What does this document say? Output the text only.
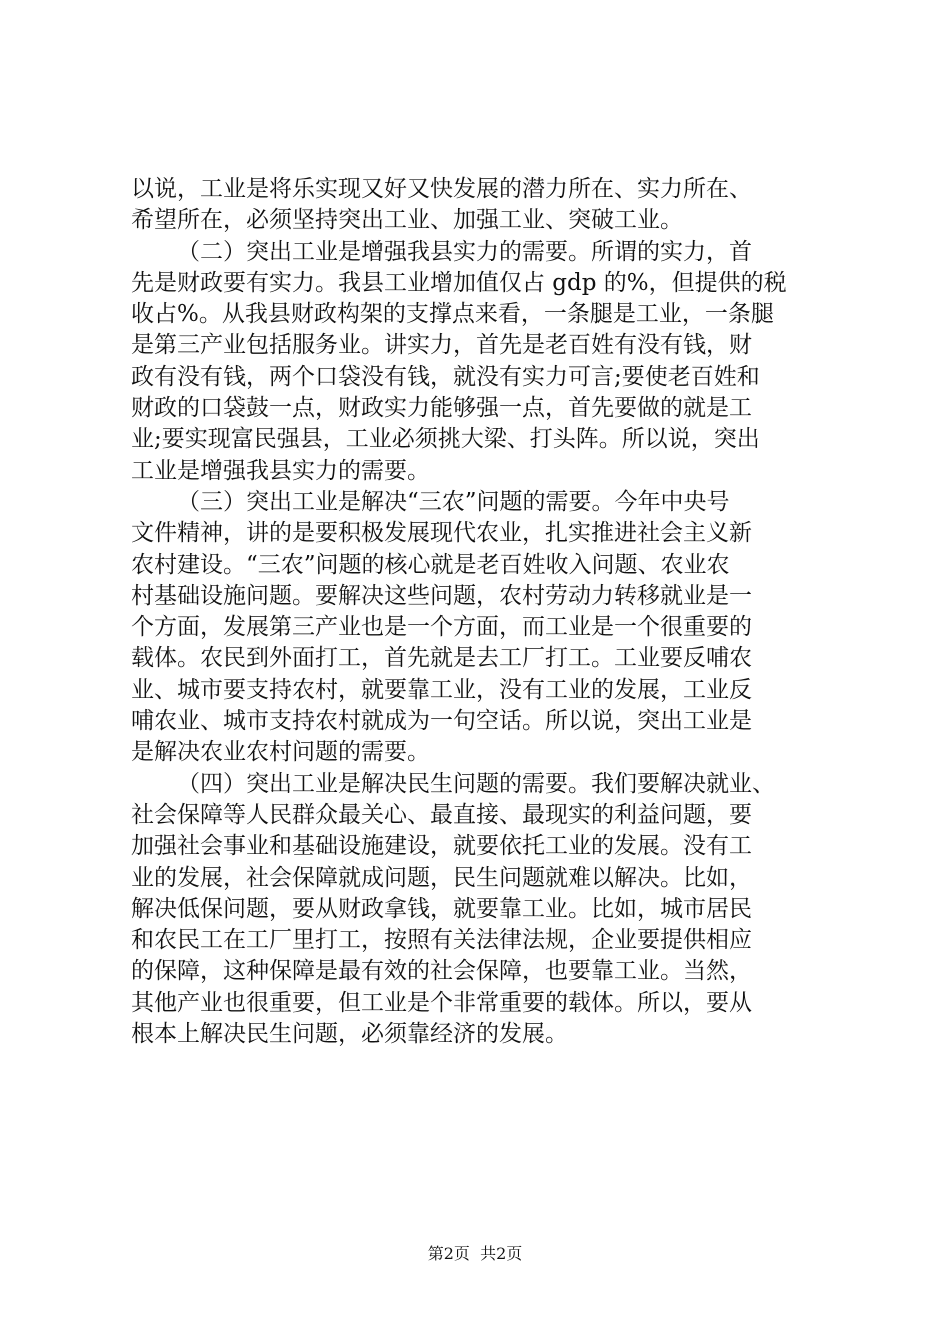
以说，工业是将乐实现又好又快发展的潜力所在、实力所在、
希望所在，必须坚持突出工业、加强工业、突破工业。
（二）突出工业是增强我县实力的需要。所谓的实力，首
先是财政要有实力。我县工业增加值仅占 gdp 的%，但提供的税
收占%。从我县财政构架的支撑点来看，一条腿是工业，一条腿
是第三产业包括服务业。讲实力，首先是老百姓有没有钱，财
政有没有钱，两个口袋没有钱，就没有实力可言;要使老百姓和
财政的口袋鼓一点，财政实力能够强一点，首先要做的就是工
业;要实现富民强县，工业必须挑大梁、打头阵。所以说，突出
工业是增强我县实力的需要。
（三）突出工业是解决“三农”问题的需要。今年中央号
文件精神，讲的是要积极发展现代农业，扎实推进社会主义新
农村建设。“三农”问题的核心就是老百姓收入问题、农业农
村基础设施问题。要解决这些问题，农村劳动力转移就业是一
个方面，发展第三产业也是一个方面，而工业是一个很重要的
载体。农民到外面打工，首先就是去工厂打工。工业要反哺农
业、城市要支持农村，就要靠工业，没有工业的发展，工业反
哺农业、城市支持农村就成为一句空话。所以说，突出工业是
是解决农业农村问题的需要。
（四）突出工业是解决民生问题的需要。我们要解决就业、
社会保障等人民群众最关心、最直接、最现实的利益问题，要
加强社会事业和基础设施建设，就要依托工业的发展。没有工
业的发展，社会保障就成问题，民生问题就难以解决。比如，
解决低保问题，要从财政拿钱，就要靠工业。比如，城市居民
和农民工在工厂里打工，按照有关法律法规，企业要提供相应
的保障，这种保障是最有效的社会保障，也要靠工业。当然，
其他产业也很重要，但工业是个非常重要的载体。所以，要从
根本上解决民生问题，必须靠经济的发展。
第2页 共2页
